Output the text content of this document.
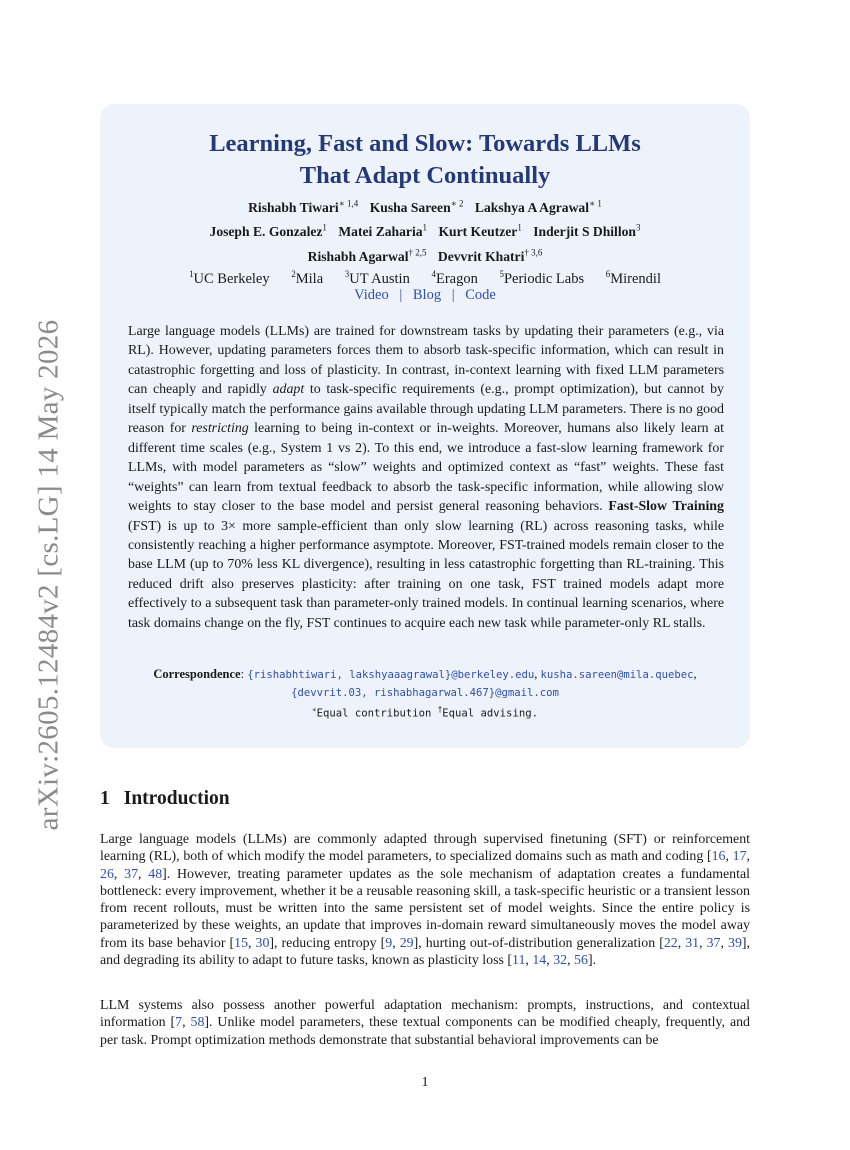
arXiv:2605.12484v2 [cs.LG] 14 May 2026
Learning, Fast and Slow: Towards LLMs
That Adapt Continually
Rishabh Tiwari$^{∗ 1,4}$ Kusha Sareen$^{∗ 2}$ Lakshya A Agrawal$^{∗ 1}$
Joseph E. Gonzalez$^1$ Matei Zaharia$^1$ Kurt Keutzer$^1$ Inderjit S Dhillon$^3$
Rishabh Agarwal$^{\dagger 2,5}$ Devvrit Khatri$^{\dagger 3,6}$
$^1$UC Berkeley $^2$Mila $^3$UT Austin $^4$Eragon $^5$Periodic Labs $^6$Mirendil
Video | Blog | Code
Large language models (LLMs) are trained for downstream tasks by updating their parameters (e.g., via RL). However, updating parameters forces them to absorb task-specific information, which can result in catastrophic forgetting and loss of plasticity. In contrast, in-context learning with fixed LLM parameters can cheaply and rapidly adapt to task-specific requirements (e.g., prompt optimization), but cannot by itself typically match the performance gains available through updating LLM parameters. There is no good reason for restricting learning to being in-context or in-weights. Moreover, humans also likely learn at different time scales (e.g., System 1 vs 2). To this end, we introduce a fast-slow learning framework for LLMs, with model parameters as “slow” weights and optimized context as “fast” weights. These fast “weights” can learn from textual feedback to absorb the task-specific information, while allowing slow weights to stay closer to the base model and persist general reasoning behaviors. Fast-Slow Training (FST) is up to 3× more sample-efficient than only slow learning (RL) across reasoning tasks, while consistently reaching a higher performance asymptote. Moreover, FST-trained models remain closer to the base LLM (up to 70% less KL divergence), resulting in less catastrophic forgetting than RL-training. This reduced drift also preserves plasticity: after training on one task, FST trained models adapt more effectively to a subsequent task than parameter-only trained models. In continual learning scenarios, where task domains change on the fly, FST continues to acquire each new task while parameter-only RL stalls.
Correspondence: {rishabhtiwari, lakshyaaagrawal}@berkeley.edu, kusha.sareen@mila.quebec,
{devvrit.03, rishabhagarwal.467}@gmail.com
∗Equal contribution †Equal advising.
1 Introduction
Large language models (LLMs) are commonly adapted through supervised finetuning (SFT) or reinforcement learning (RL), both of which modify the model parameters, to specialized domains such as math and coding [16, 17, 26, 37, 48]. However, treating parameter updates as the sole mechanism of adaptation creates a fundamental bottleneck: every improvement, whether it be a reusable reasoning skill, a task-specific heuristic or a transient lesson from recent rollouts, must be written into the same persistent set of model weights. Since the entire policy is parameterized by these weights, an update that improves in-domain reward simultaneously moves the model away from its base behavior [15, 30], reducing entropy [9, 29], hurting out-of-distribution generalization [22, 31, 37, 39], and degrading its ability to adapt to future tasks, known as plasticity loss [11, 14, 32, 56].
LLM systems also possess another powerful adaptation mechanism: prompts, instructions, and contextual information [7, 58]. Unlike model parameters, these textual components can be modified cheaply, frequently, and per task. Prompt optimization methods demonstrate that substantial behavioral improvements can be
1
